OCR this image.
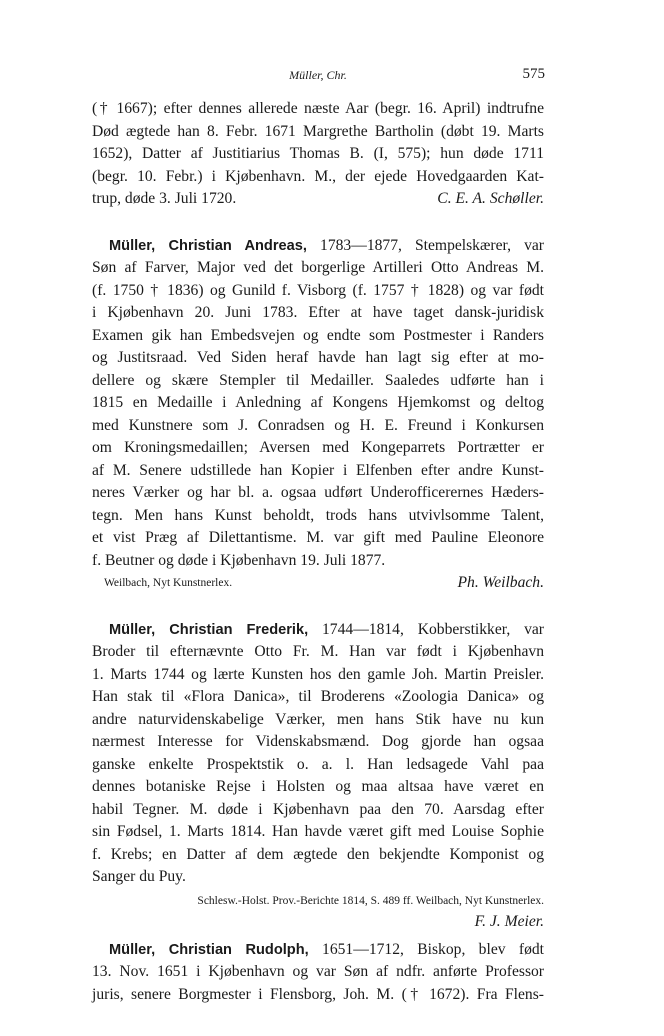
Müller, Chr.	575
(† 1667); efter dennes allerede næste Aar (begr. 16. April) indtrufne
Død ægtede han 8. Febr. 1671 Margrethe Bartholin (døbt 19. Marts
1652), Datter af Justitiarius Thomas B. (I, 575); hun døde 1711
(begr. 10. Febr.) i Kjøbenhavn. M., der ejede Hovedgaarden Kat-
trup, døde 3. Juli 1720.	C. E. A. Schøller.
Müller, Christian Andreas, 1783—1877, Stempelskærer, var
Søn af Farver, Major ved det borgerlige Artilleri Otto Andreas M.
(f. 1750 † 1836) og Gunild f. Visborg (f. 1757 † 1828) og var født
i Kjøbenhavn 20. Juni 1783. Efter at have taget dansk-juridisk
Examen gik han Embedsvejen og endte som Postmester i Randers
og Justitsraad. Ved Siden heraf havde han lagt sig efter at mo-
dellere og skære Stempler til Medailler. Saaledes udførte han i
1815 en Medaille i Anledning af Kongens Hjemkomst og deltog
med Kunstnere som J. Conradsen og H. E. Freund i Konkursen
om Kroningsmedaillen; Aversen med Kongeparrets Portrætter er
af M. Senere udstillede han Kopier i Elfenben efter andre Kunst-
neres Værker og har bl. a. ogsaa udført Underofficerernes Hæders-
tegn. Men hans Kunst beholdt, trods hans utvivlsomme Talent,
et vist Præg af Dilettantisme. M. var gift med Pauline Eleonore
f. Beutner og døde i Kjøbenhavn 19. Juli 1877.
Weilbach, Nyt Kunstnerlex.	Ph. Weilbach.
Müller, Christian Frederik, 1744—1814, Kobberstikker, var
Broder til efternævnte Otto Fr. M. Han var født i Kjøbenhavn
1. Marts 1744 og lærte Kunsten hos den gamle Joh. Martin Preisler.
Han stak til «Flora Danica», til Broderens «Zoologia Danica» og
andre naturvidenskabelige Værker, men hans Stik have nu kun
nærmest Interesse for Videnskabsmænd. Dog gjorde han ogsaa
ganske enkelte Prospektstik o. a. l. Han ledsagede Vahl paa
dennes botaniske Rejse i Holsten og maa altsaa have været en
habil Tegner. M. døde i Kjøbenhavn paa den 70. Aarsdag efter
sin Fødsel, 1. Marts 1814. Han havde været gift med Louise Sophie
f. Krebs; en Datter af dem ægtede den bekjendte Komponist og
Sanger du Puy.
Schlesw.-Holst. Prov.-Berichte 1814, S. 489 ff. Weilbach, Nyt Kunstnerlex.
F. J. Meier.
Müller, Christian Rudolph, 1651—1712, Biskop, blev født
13. Nov. 1651 i Kjøbenhavn og var Søn af ndfr. anførte Professor
juris, senere Borgmester i Flensborg, Joh. M. († 1672). Fra Flens-
